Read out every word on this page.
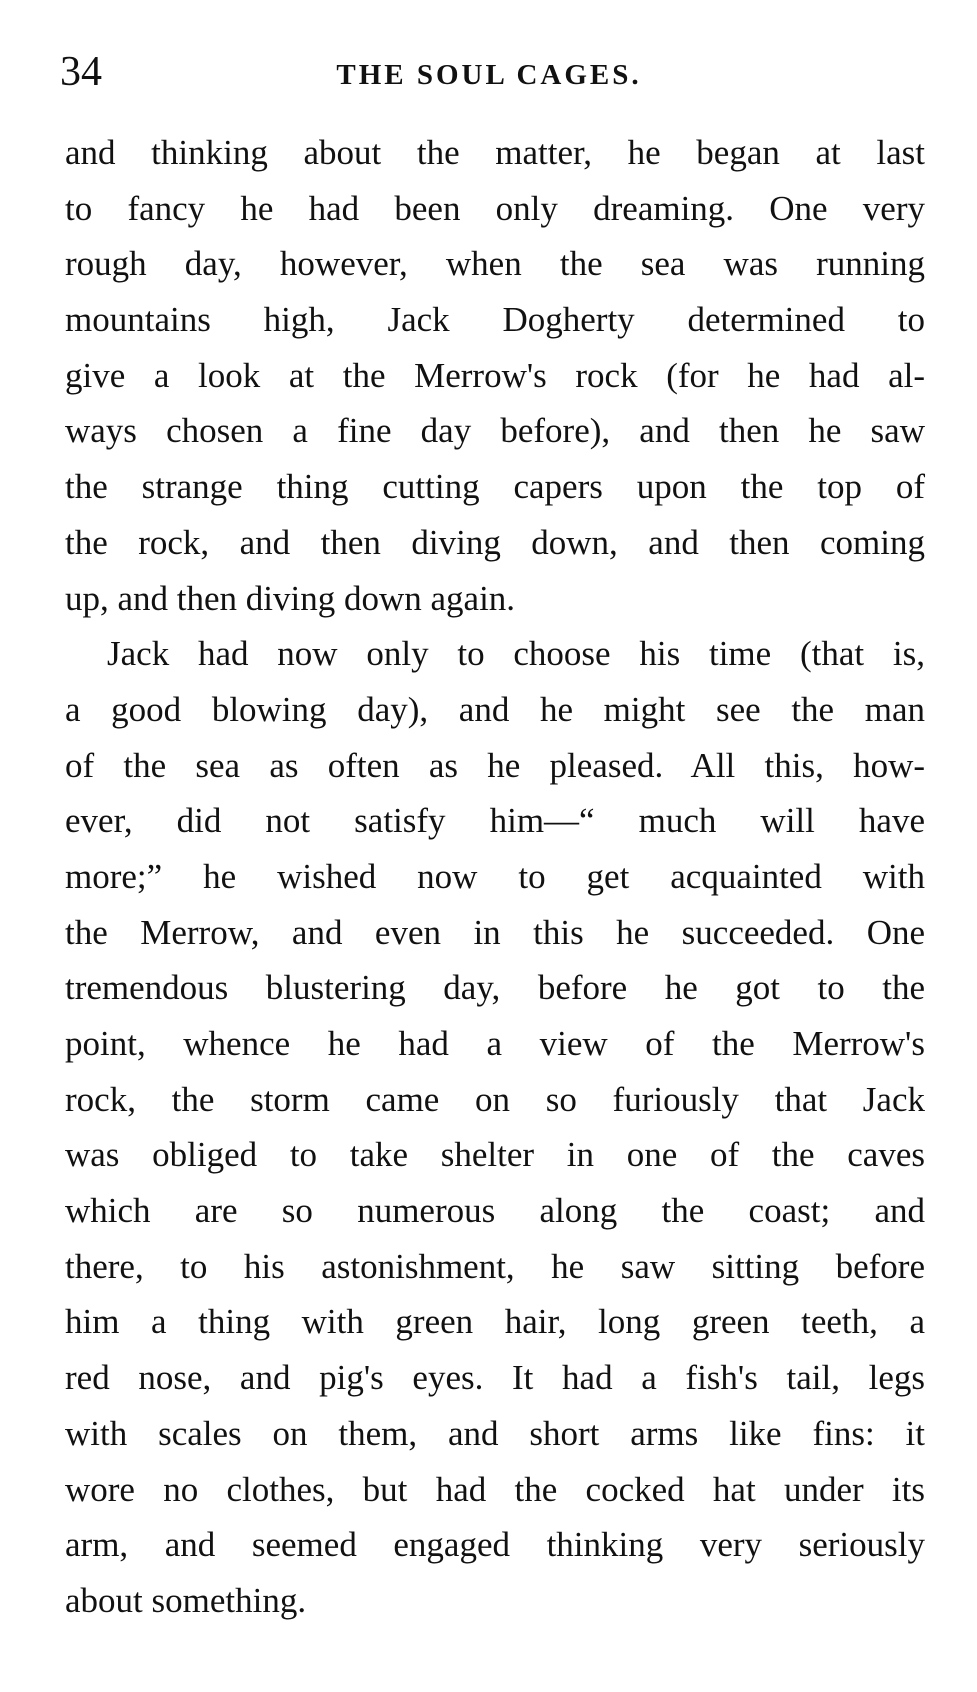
34	THE SOUL CAGES.
and thinking about the matter, he began at last
to fancy he had been only dreaming. One very
rough day, however, when the sea was running
mountains high, Jack Dogherty determined to
give a look at the Merrow's rock (for he had al-
ways chosen a fine day before), and then he saw
the strange thing cutting capers upon the top of
the rock, and then diving down, and then coming
up, and then diving down again.
Jack had now only to choose his time (that is,
a good blowing day), and he might see the man
of the sea as often as he pleased. All this, how-
ever, did not satisfy him—“ much will have
more;” he wished now to get acquainted with
the Merrow, and even in this he succeeded. One
tremendous blustering day, before he got to the
point, whence he had a view of the Merrow's
rock, the storm came on so furiously that Jack
was obliged to take shelter in one of the caves
which are so numerous along the coast; and
there, to his astonishment, he saw sitting before
him a thing with green hair, long green teeth, a
red nose, and pig's eyes. It had a fish's tail, legs
with scales on them, and short arms like fins: it
wore no clothes, but had the cocked hat under its
arm, and seemed engaged thinking very seriously
about something.
